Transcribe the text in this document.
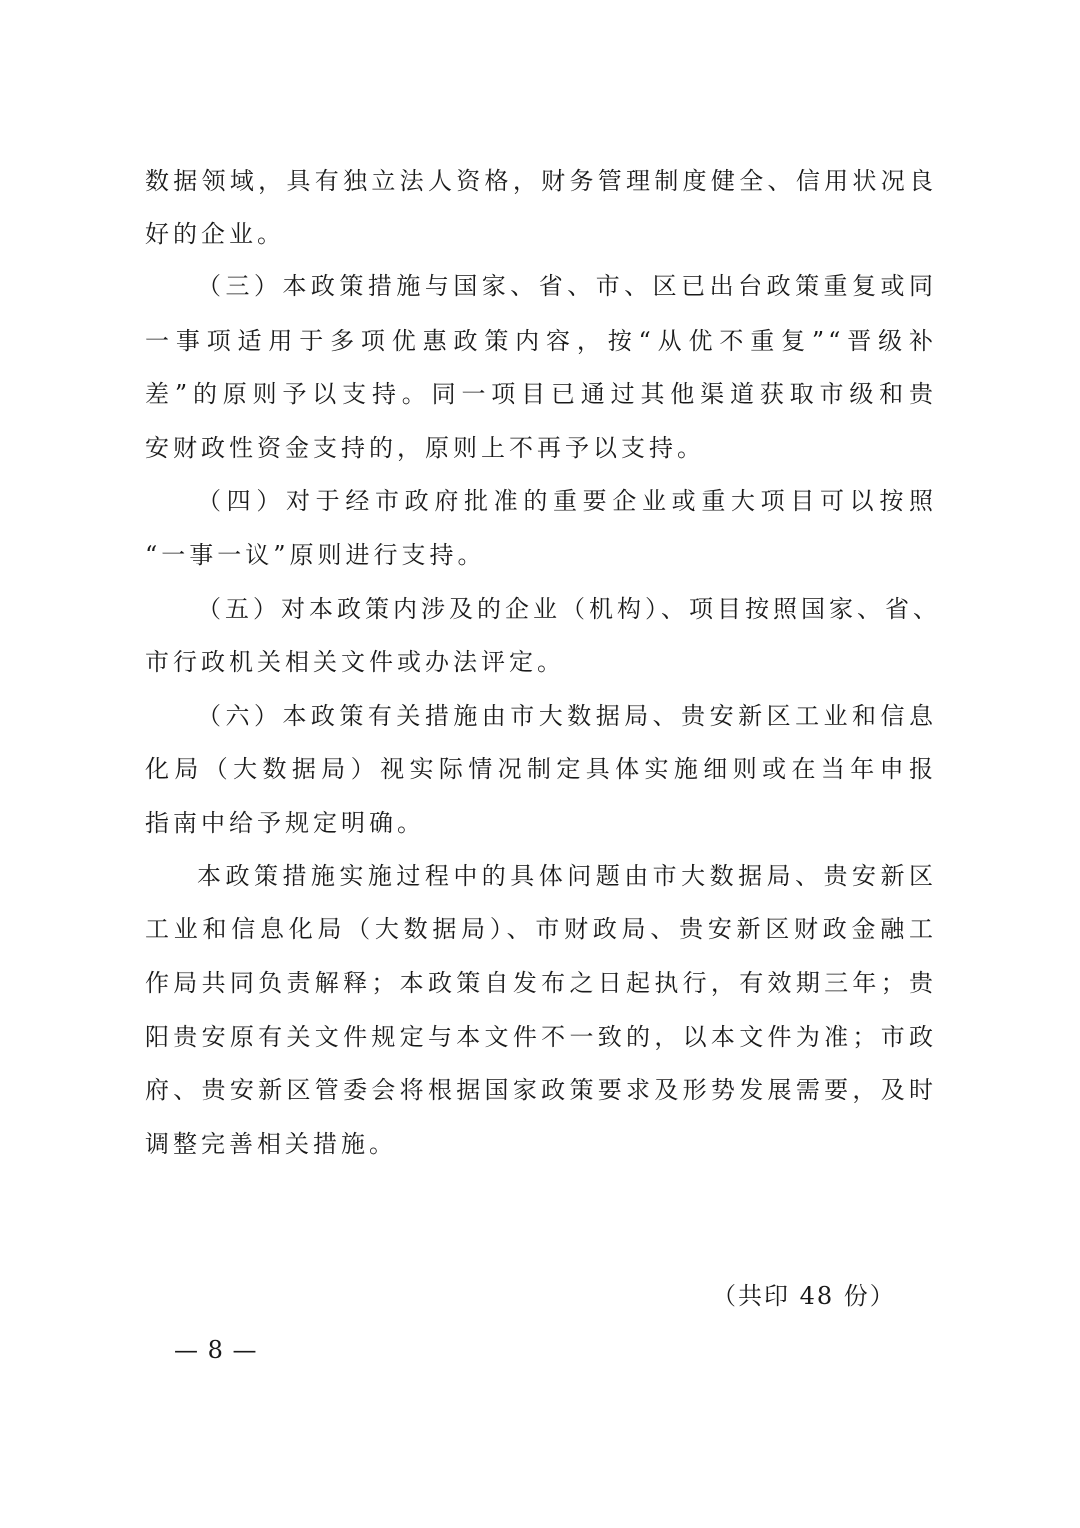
数据领域，具有独立法人资格，财务管理制度健全、信用状况良
好的企业。
（三）本政策措施与国家、省、市、区已出台政策重复或同
一事项适用于多项优惠政策内容，按“从优不重复”“晋级补
差”的原则予以支持。同一项目已通过其他渠道获取市级和贵
安财政性资金支持的，原则上不再予以支持。
（四）对于经市政府批准的重要企业或重大项目可以按照
“一事一议”原则进行支持。
（五）对本政策内涉及的企业（机构）、项目按照国家、省、
市行政机关相关文件或办法评定。
（六）本政策有关措施由市大数据局、贵安新区工业和信息
化局（大数据局）视实际情况制定具体实施细则或在当年申报
指南中给予规定明确。
本政策措施实施过程中的具体问题由市大数据局、贵安新区
工业和信息化局（大数据局）、市财政局、贵安新区财政金融工
作局共同负责解释；本政策自发布之日起执行，有效期三年；贵
阳贵安原有关文件规定与本文件不一致的，以本文件为准；市政
府、贵安新区管委会将根据国家政策要求及形势发展需要，及时
调整完善相关措施。
（共印 48 份）
— 8 —
